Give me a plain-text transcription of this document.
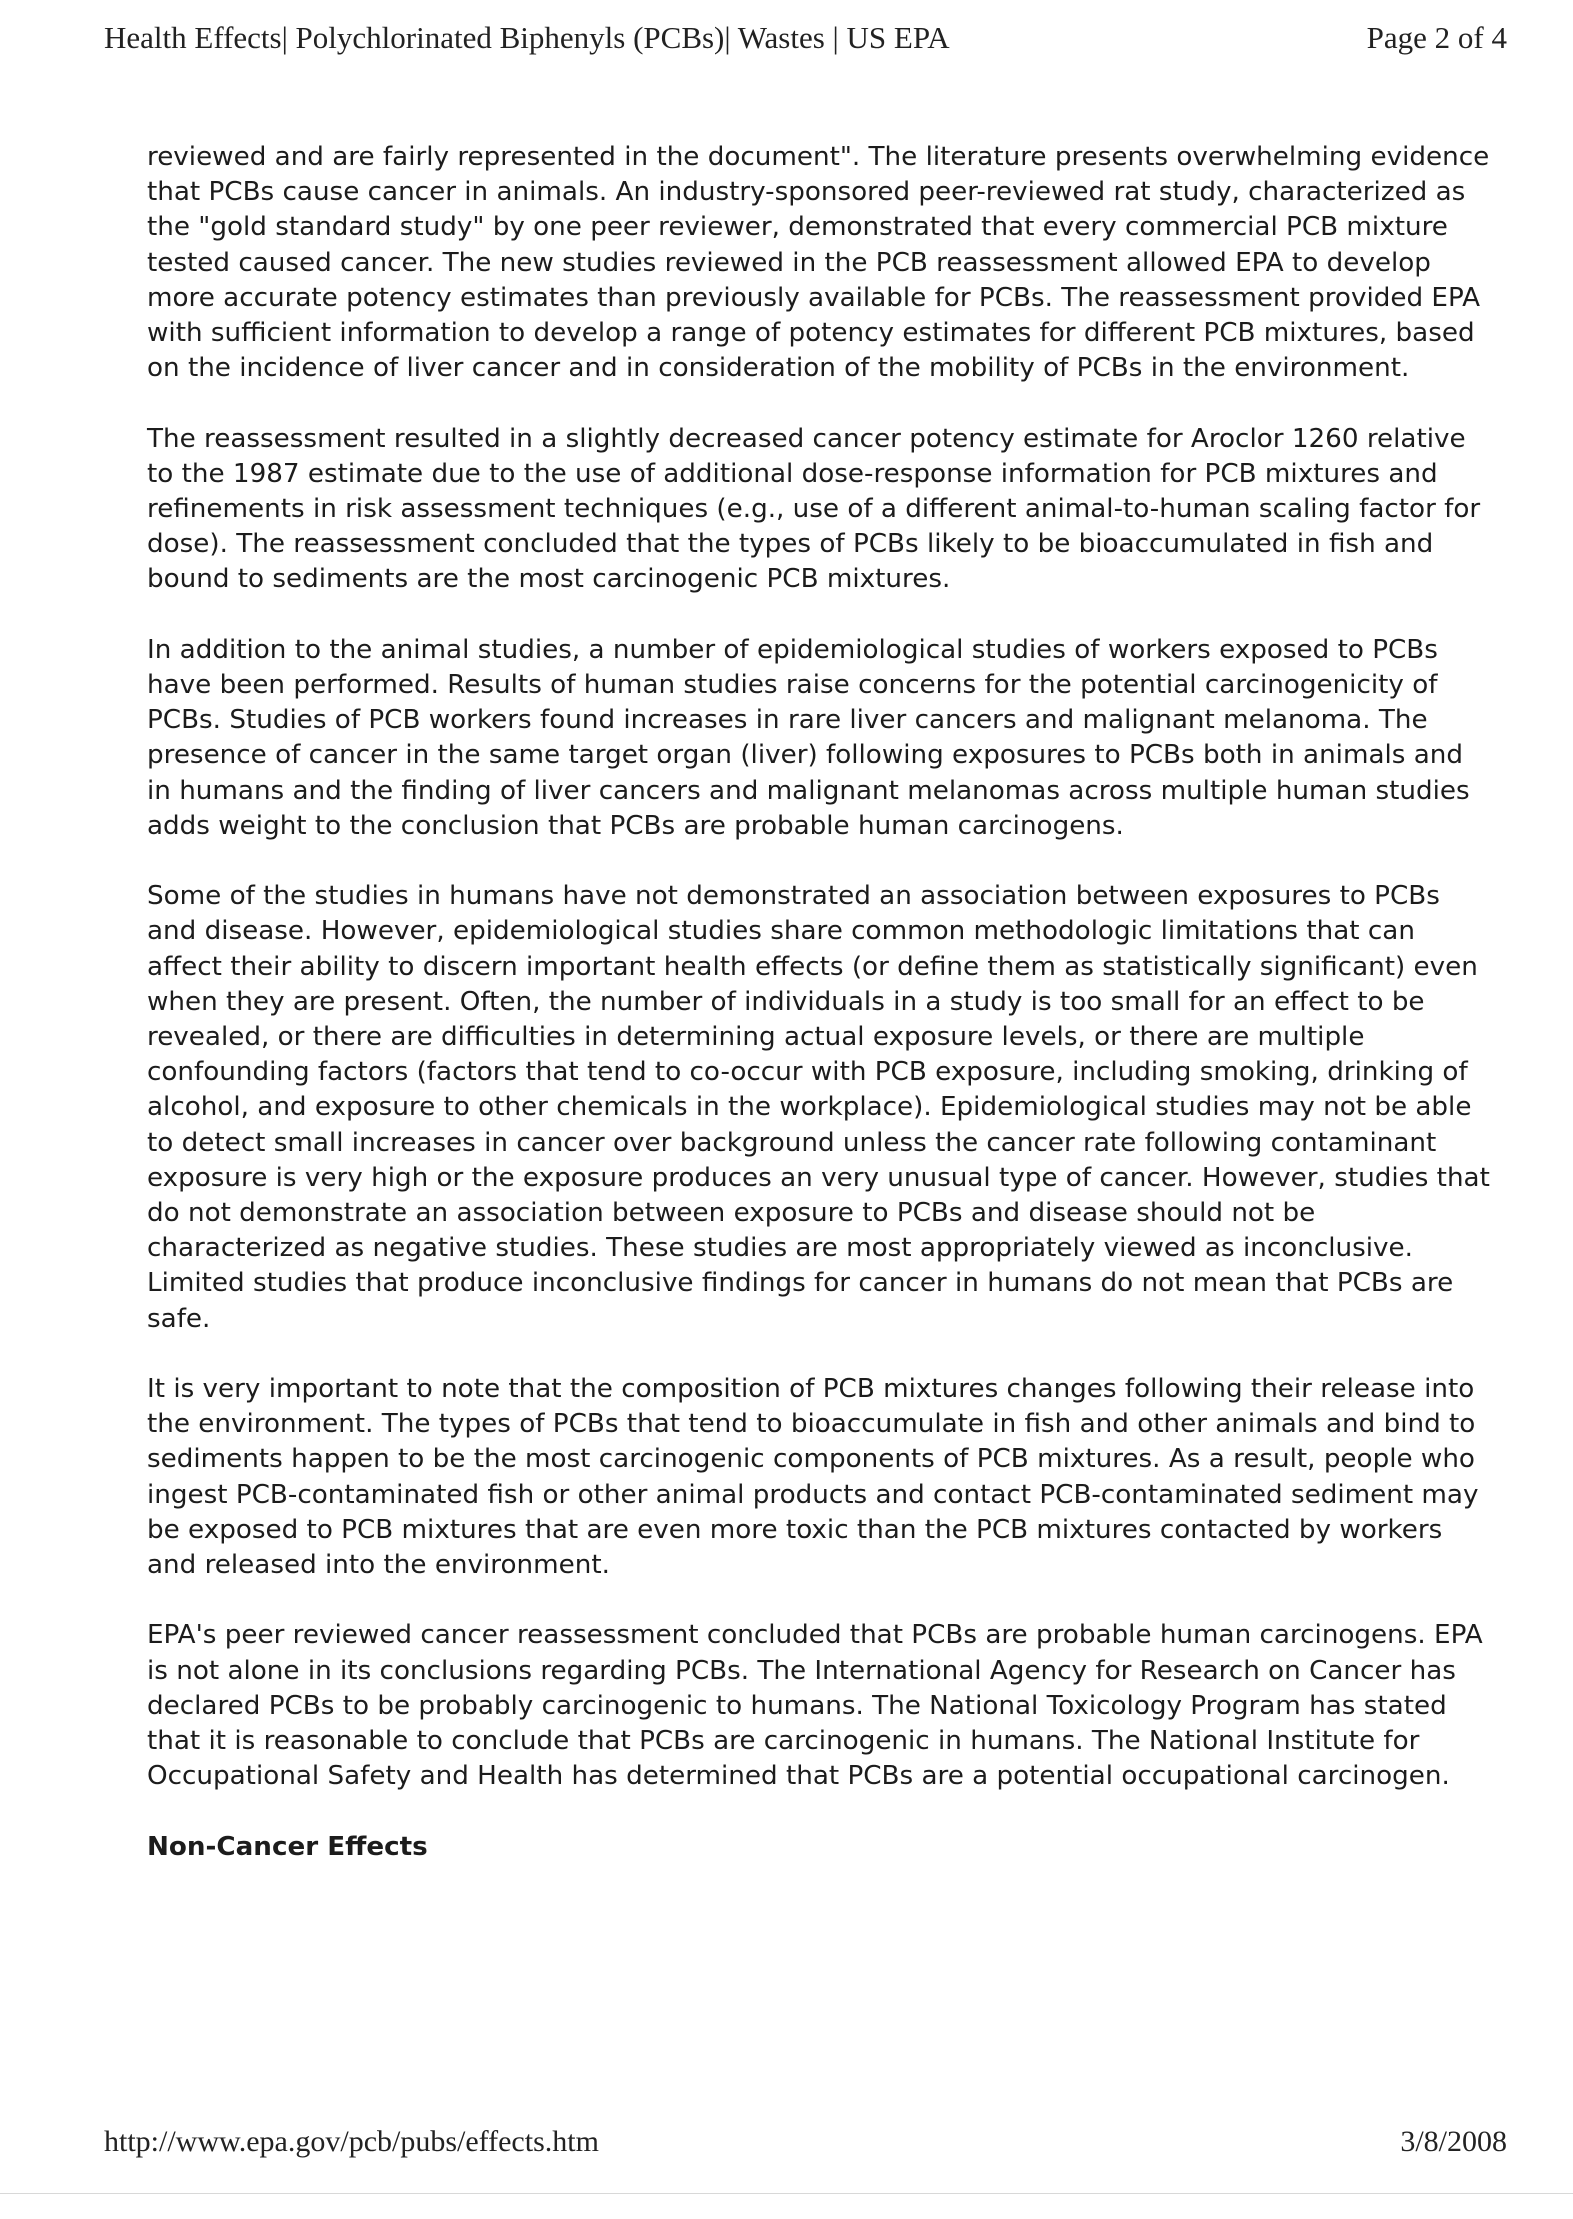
Health Effects| Polychlorinated Biphenyls (PCBs)| Wastes | US EPA	Page 2 of 4

reviewed and are fairly represented in the document". The literature presents overwhelming evidence that PCBs cause cancer in animals. An industry-sponsored peer-reviewed rat study, characterized as the "gold standard study" by one peer reviewer, demonstrated that every commercial PCB mixture tested caused cancer. The new studies reviewed in the PCB reassessment allowed EPA to develop more accurate potency estimates than previously available for PCBs. The reassessment provided EPA with sufficient information to develop a range of potency estimates for different PCB mixtures, based on the incidence of liver cancer and in consideration of the mobility of PCBs in the environment.

The reassessment resulted in a slightly decreased cancer potency estimate for Aroclor 1260 relative to the 1987 estimate due to the use of additional dose-response information for PCB mixtures and refinements in risk assessment techniques (e.g., use of a different animal-to-human scaling factor for dose). The reassessment concluded that the types of PCBs likely to be bioaccumulated in fish and bound to sediments are the most carcinogenic PCB mixtures.

In addition to the animal studies, a number of epidemiological studies of workers exposed to PCBs have been performed. Results of human studies raise concerns for the potential carcinogenicity of PCBs. Studies of PCB workers found increases in rare liver cancers and malignant melanoma. The presence of cancer in the same target organ (liver) following exposures to PCBs both in animals and in humans and the finding of liver cancers and malignant melanomas across multiple human studies adds weight to the conclusion that PCBs are probable human carcinogens.

Some of the studies in humans have not demonstrated an association between exposures to PCBs and disease. However, epidemiological studies share common methodologic limitations that can affect their ability to discern important health effects (or define them as statistically significant) even when they are present. Often, the number of individuals in a study is too small for an effect to be revealed, or there are difficulties in determining actual exposure levels, or there are multiple confounding factors (factors that tend to co-occur with PCB exposure, including smoking, drinking of alcohol, and exposure to other chemicals in the workplace). Epidemiological studies may not be able to detect small increases in cancer over background unless the cancer rate following contaminant exposure is very high or the exposure produces an very unusual type of cancer. However, studies that do not demonstrate an association between exposure to PCBs and disease should not be characterized as negative studies. These studies are most appropriately viewed as inconclusive. Limited studies that produce inconclusive findings for cancer in humans do not mean that PCBs are safe.

It is very important to note that the composition of PCB mixtures changes following their release into the environment. The types of PCBs that tend to bioaccumulate in fish and other animals and bind to sediments happen to be the most carcinogenic components of PCB mixtures. As a result, people who ingest PCB-contaminated fish or other animal products and contact PCB-contaminated sediment may be exposed to PCB mixtures that are even more toxic than the PCB mixtures contacted by workers and released into the environment.

EPA's peer reviewed cancer reassessment concluded that PCBs are probable human carcinogens. EPA is not alone in its conclusions regarding PCBs. The International Agency for Research on Cancer has declared PCBs to be probably carcinogenic to humans. The National Toxicology Program has stated that it is reasonable to conclude that PCBs are carcinogenic in humans. The National Institute for Occupational Safety and Health has determined that PCBs are a potential occupational carcinogen.

Non-Cancer Effects
http://www.epa.gov/pcb/pubs/effects.htm	3/8/2008
